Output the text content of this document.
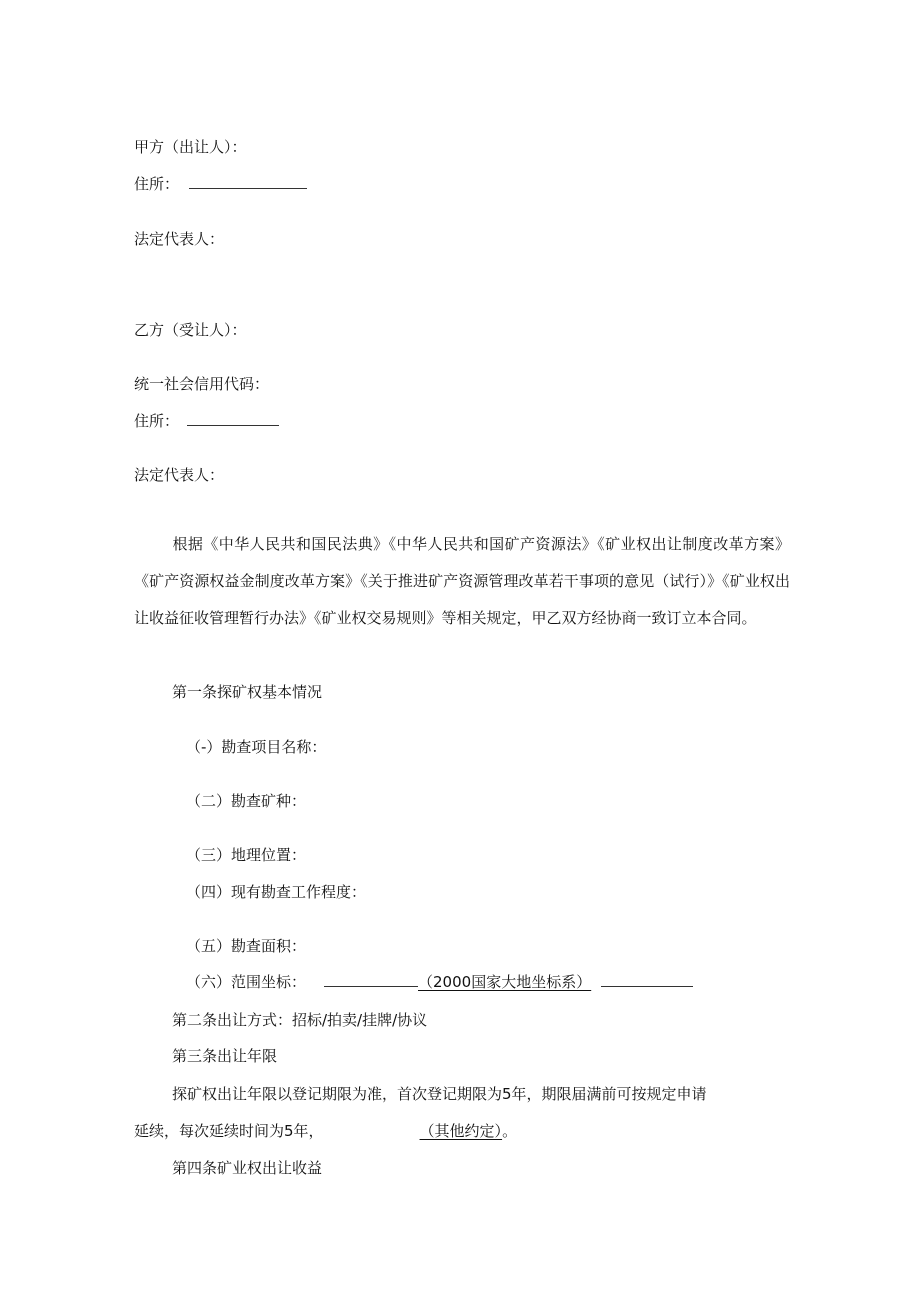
甲方（出让人）：
住所：
法定代表人：
乙方（受让人）：
统一社会信用代码：
住所：
法定代表人：
根据《中华人民共和国民法典》《中华人民共和国矿产资源法》《矿业权出让制度改革方案》《矿产资源权益金制度改革方案》《关于推进矿产资源管理改革若干事项的意见（试行）》《矿业权出让收益征收管理暂行办法》《矿业权交易规则》等相关规定，甲乙双方经协商一致订立本合同。
第一条探矿权基本情况
（-）勘查项目名称：
（二）勘查矿种：
（三）地理位置：
（四）现有勘查工作程度：
（五）勘查面积：
（六）范围坐标：	（2000国家大地坐标系）
第二条出让方式：招标/拍卖/挂牌/协议
第三条出让年限
探矿权出让年限以登记期限为准，首次登记期限为5年，期限届满前可按规定申请
延续，每次延续时间为5年，	（其他约定）。
第四条矿业权出让收益
